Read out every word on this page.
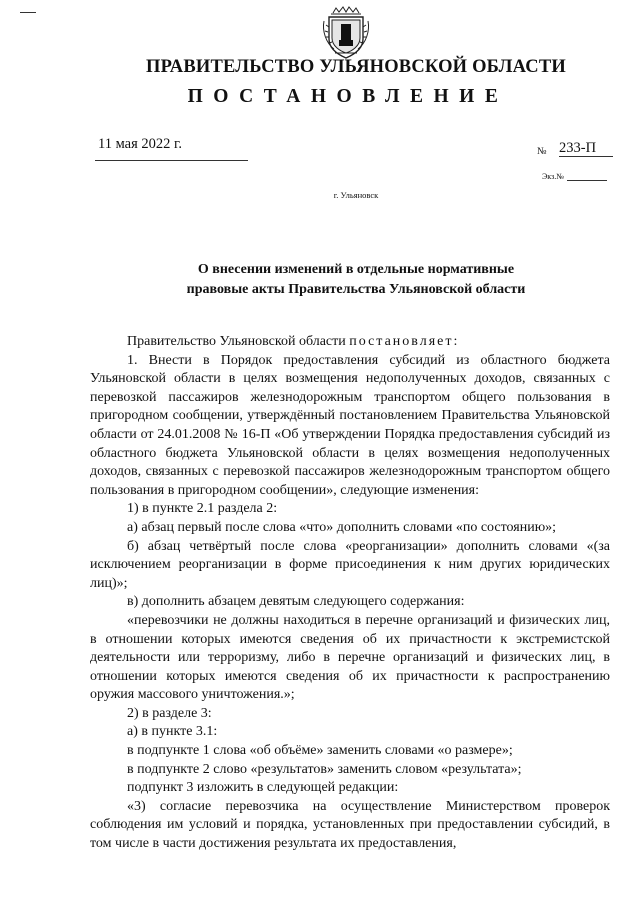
ПРАВИТЕЛЬСТВО УЛЬЯНОВСКОЙ ОБЛАСТИ
ПОСТАНОВЛЕНИЕ
11 мая 2022 г.	№ 233-П
Экз.№
г. Ульяновск
О внесении изменений в отдельные нормативные
правовые акты Правительства Ульяновской области

Правительство Ульяновской области постановляет:

1. Внести в Порядок предоставления субсидий из областного бюджета Ульяновской области в целях возмещения недополученных доходов, связанных с перевозкой пассажиров железнодорожным транспортом общего пользования в пригородном сообщении, утверждённый постановлением Правительства Ульяновской области от 24.01.2008 № 16-П «Об утверждении Порядка предоставления субсидий из областного бюджета Ульяновской области в целях возмещения недополученных доходов, связанных с перевозкой пассажиров железнодорожным транспортом общего пользования в пригородном сообщении», следующие изменения:

1) в пункте 2.1 раздела 2:

а) абзац первый после слова «что» дополнить словами «по состоянию»;

б) абзац четвёртый после слова «реорганизации» дополнить словами «(за исключением реорганизации в форме присоединения к ним других юридических лиц)»;

в) дополнить абзацем девятым следующего содержания:

«перевозчики не должны находиться в перечне организаций и физических лиц, в отношении которых имеются сведения об их причастности к экстремистской деятельности или терроризму, либо в перечне организаций и физических лиц, в отношении которых имеются сведения об их причастности к распространению оружия массового уничтожения.»;

2) в разделе 3:

а) в пункте 3.1:

в подпункте 1 слова «об объёме» заменить словами «о размере»;

в подпункте 2 слово «результатов» заменить словом «результата»;

подпункт 3 изложить в следующей редакции:

«3) согласие перевозчика на осуществление Министерством проверок соблюдения им условий и порядка, установленных при предоставлении субсидий, в том числе в части достижения результата их предоставления,
